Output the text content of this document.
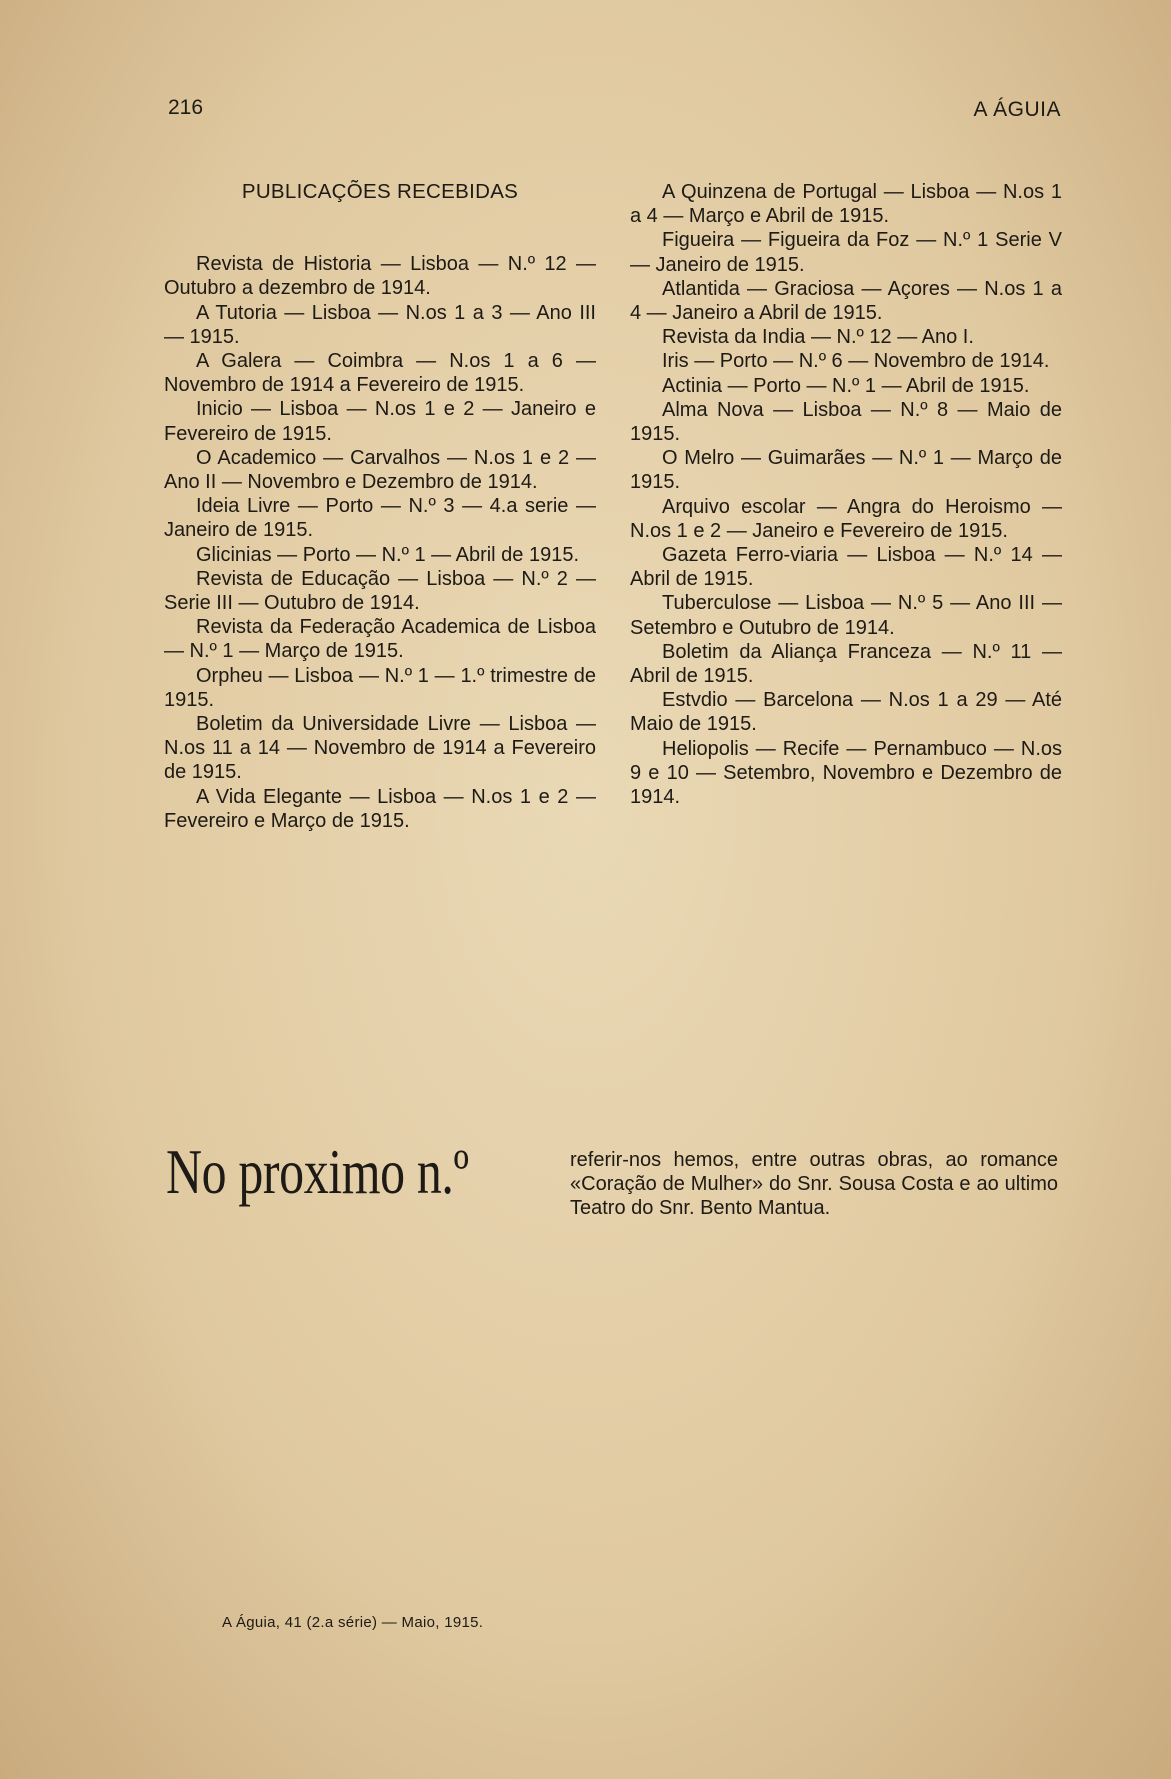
216	A ÁGUIA
PUBLICAÇÕES RECEBIDAS

Revista de Historia — Lisboa — N.º 12 — Outubro a dezembro de 1914.

A Tutoria — Lisboa — N.os 1 a 3 — Ano III — 1915.

A Galera — Coimbra — N.os 1 a 6 — Novembro de 1914 a Fevereiro de 1915.

Inicio — Lisboa — N.os 1 e 2 — Janeiro e Fevereiro de 1915.

O Academico — Carvalhos — N.os 1 e 2 — Ano II — Novembro e Dezembro de 1914.

Ideia Livre — Porto — N.º 3 — 4.a serie — Janeiro de 1915.

Glicinias — Porto — N.º 1 — Abril de 1915.

Revista de Educação — Lisboa — N.º 2 — Serie III — Outubro de 1914.

Revista da Federação Academica de Lisboa — N.º 1 — Março de 1915.

Orpheu — Lisboa — N.º 1 — 1.º trimestre de 1915.

Boletim da Universidade Livre — Lisboa — N.os 11 a 14 — Novembro de 1914 a Fevereiro de 1915.

A Vida Elegante — Lisboa — N.os 1 e 2 — Fevereiro e Março de 1915.

A Quinzena de Portugal — Lisboa — N.os 1 a 4 — Março e Abril de 1915.

Figueira — Figueira da Foz — N.º 1 Serie V — Janeiro de 1915.

Atlantida — Graciosa — Açores — N.os 1 a 4 — Janeiro a Abril de 1915.

Revista da India — N.º 12 — Ano I.

Iris — Porto — N.º 6 — Novembro de 1914.

Actinia — Porto — N.º 1 — Abril de 1915.

Alma Nova — Lisboa — N.º 8 — Maio de 1915.

O Melro — Guimarães — N.º 1 — Março de 1915.

Arquivo escolar — Angra do Heroismo — N.os 1 e 2 — Janeiro e Fevereiro de 1915.

Gazeta Ferro-viaria — Lisboa — N.º 14 — Abril de 1915.

Tuberculose — Lisboa — N.º 5 — Ano III — Setembro e Outubro de 1914.

Boletim da Aliança Franceza — N.º 11 — Abril de 1915.

Estvdio — Barcelona — N.os 1 a 29 — Até Maio de 1915.

Heliopolis — Recife — Pernambuco — N.os 9 e 10 — Setembro, Novembro e Dezembro de 1914.

No proximo n.º	referir-nos hemos, entre outras obras, ao romance «Coração de Mulher» do Snr. Sousa Costa e ao ultimo Teatro do Snr. Bento Mantua.
A Águia, 41 (2.a série) — Maio, 1915.
